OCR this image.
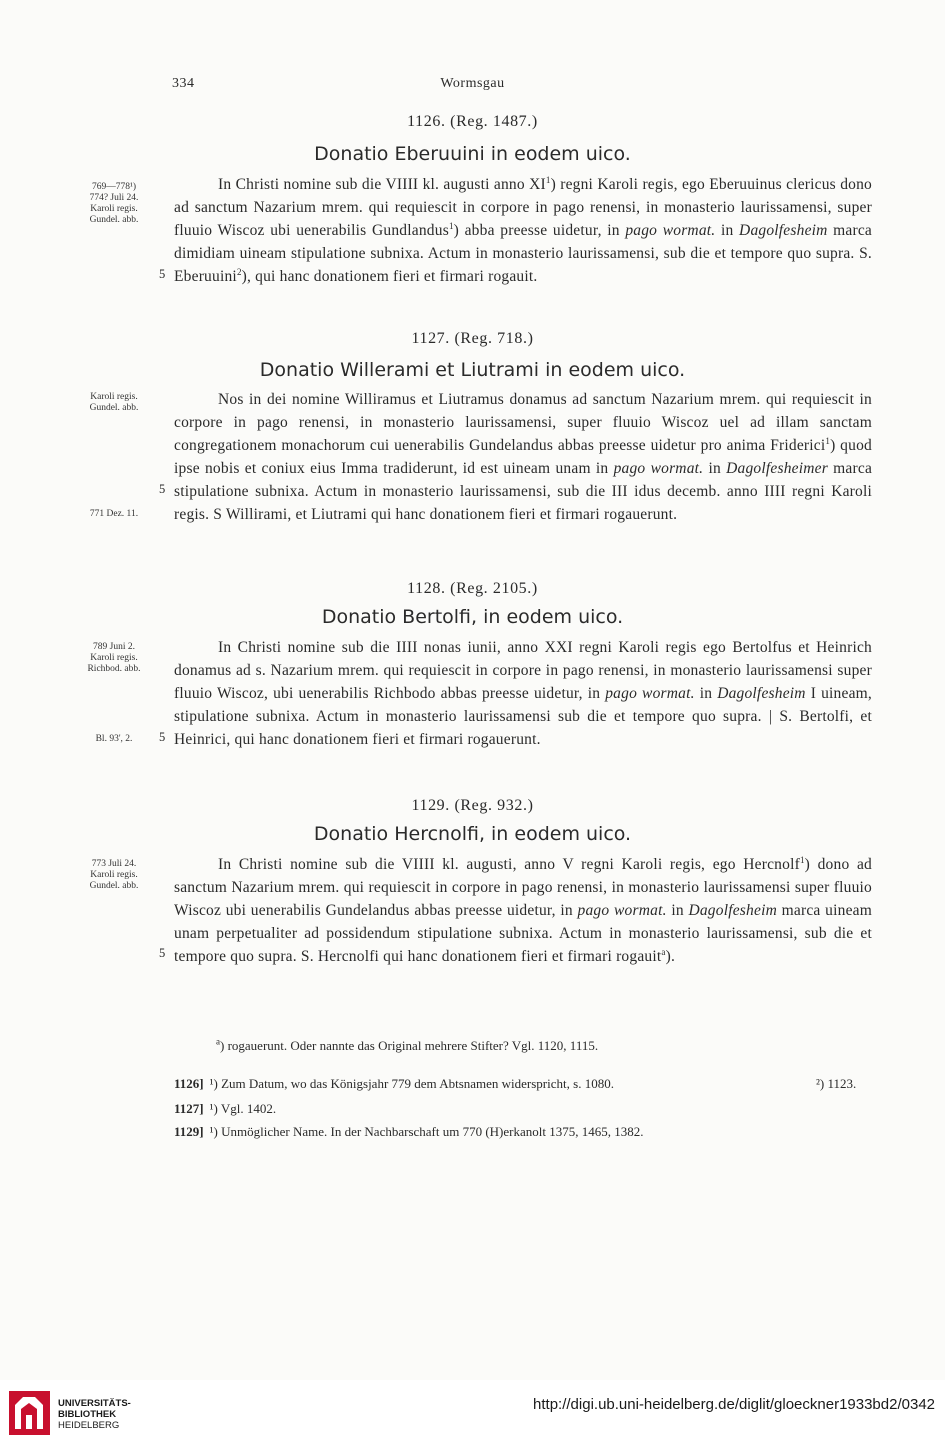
334	Wormsgau
1126. (Reg. 1487.)
Donatio Eberuuini in eodem uico.
769—778¹)
774? Juli 24.
Karoli regis.
Gundel. abb.
5

In Christi nomine sub die VIIII kl. augusti anno $XI^1$) regni Karoli regis, ego Eberuuinus clericus dono ad sanctum Nazarium mrem. qui requiescit in corpore in pago renensi, in monasterio laurissamensi, super fluuio Wiscoz ubi uenerabilis Gundlandus$^1$) abba preesse uidetur, in pago wormat. in Dagolfesheim marca dimidiam uineam stipulatione subnixa. Actum in monasterio laurissamensi, sub die et tempore quo supra. S. Eberuuini$^2$), qui hanc donationem fieri et firmari rogauit.

1127. (Reg. 718.)
Donatio Willerami et Liutrami in eodem uico.
Karoli regis.
Gundel. abb.
771 Dez. 11.
5

Nos in dei nomine Williramus et Liutramus donamus ad sanctum Nazarium mrem. qui requiescit in corpore in pago renensi, in monasterio laurissamensi, super fluuio Wiscoz uel ad illam sanctam congregationem monachorum cui uenerabilis Gundelandus abbas preesse uidetur pro anima Friderici$^1$) quod ipse nobis et coniux eius Imma tradiderunt, id est uineam unam in pago wormat. in Dagolfesheimer marca stipulatione subnixa. Actum in monasterio laurissamensi, sub die III idus decemb. anno IIII regni Karoli regis. S Willirami, et Liutrami qui hanc donationem fieri et firmari rogauerunt.

1128. (Reg. 2105.)
Donatio Bertolfi, in eodem uico.
789 Juni 2.
Karoli regis.
Richbod. abb.
Bl. 93', 2.	5

In Christi nomine sub die IIII nonas iunii, anno XXI regni Karoli regis ego Bertolfus et Heinrich donamus ad s. Nazarium mrem. qui requiescit in corpore in pago renensi, in monasterio laurissamensi super fluuio Wiscoz, ubi uenerabilis Richbodo abbas preesse uidetur, in pago wormat. in Dagolfesheim I uineam, stipulatione subnixa. Actum in monasterio laurissamensi sub die et tempore quo supra. | S. Bertolfi, et Heinrici, qui hanc donationem fieri et firmari rogauerunt.

1129. (Reg. 932.)
Donatio Hercnolfi, in eodem uico.
773 Juli 24.
Karoli regis.
Gundel. abb.
5

In Christi nomine sub die VIIII kl. augusti, anno V regni Karoli regis, ego Hercnolf$^1$) dono ad sanctum Nazarium mrem. qui requiescit in corpore in pago renensi, in monasterio laurissamensi super fluuio Wiscoz ubi uenerabilis Gundelandus abbas preesse uidetur, in pago wormat. in Dagolfesheim marca uineam unam perpetualiter ad possidendum stipulatione subnixa. Actum in monasterio laurissamensi, sub die et tempore quo supra. S. Hercnolfi qui hanc donationem fieri et firmari rogauit$^a$).

$^a$) rogauerunt. Oder nannte das Original mehrere Stifter? Vgl. 1120, 1115.
1126] ¹) Zum Datum, wo das Königsjahr 779 dem Abtsnamen widerspricht, s. 1080.	²) 1123.
1127] ¹) Vgl. 1402.
1129] ¹) Unmöglicher Name. In der Nachbarschaft um 770 (H)erkanolt 1375, 1465, 1382.
UNIVERSITÄTS-
BIBLIOTHEK
HEIDELBERG
http://digi.ub.uni-heidelberg.de/diglit/gloeckner1933bd2/0342
